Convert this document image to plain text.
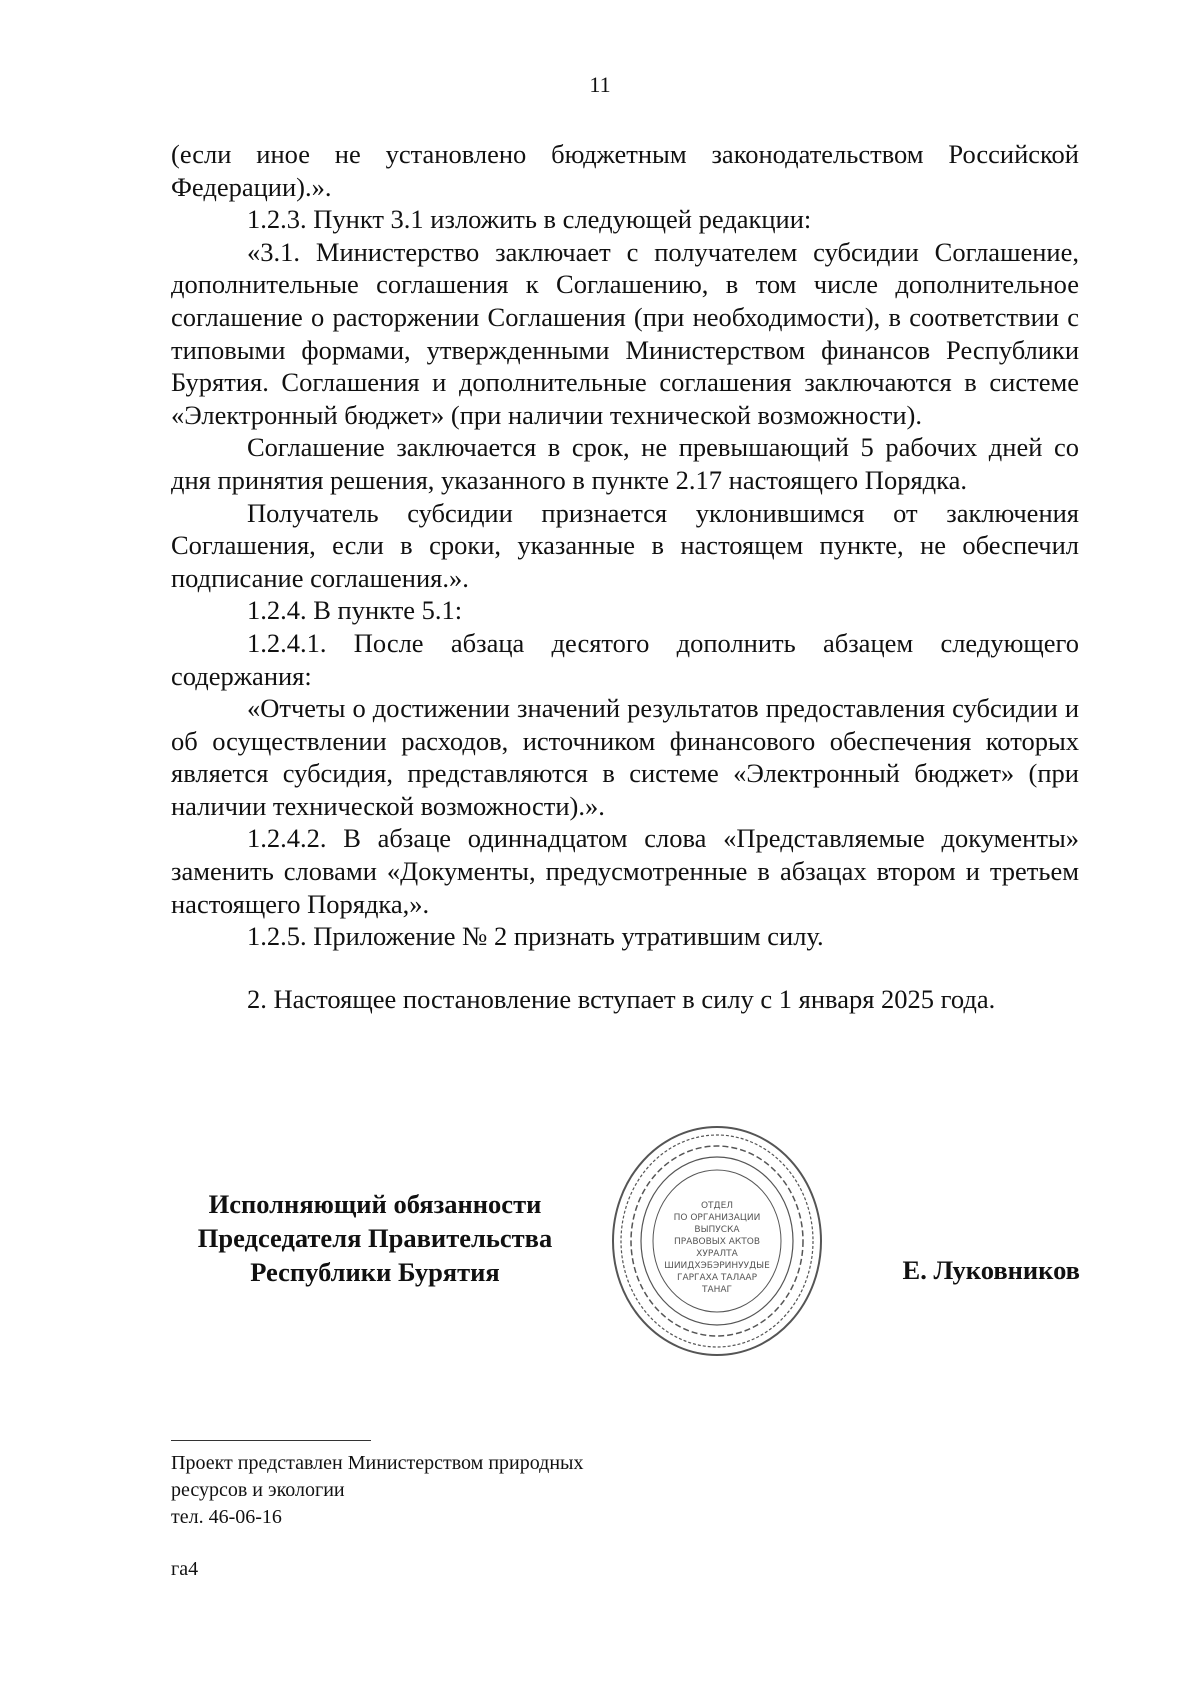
11

(если иное не установлено бюджетным законодательством Российской Федерации).».

1.2.3. Пункт 3.1 изложить в следующей редакции:

«3.1. Министерство заключает с получателем субсидии Соглашение, дополнительные соглашения к Соглашению, в том числе дополнительное соглашение о расторжении Соглашения (при необходимости), в соответствии с типовыми формами, утвержденными Министерством финансов Республики Бурятия. Соглашения и дополнительные соглашения заключаются в системе «Электронный бюджет» (при наличии технической возможности).

Соглашение заключается в срок, не превышающий 5 рабочих дней со дня принятия решения, указанного в пункте 2.17 настоящего Порядка.

Получатель субсидии признается уклонившимся от заключения Соглашения, если в сроки, указанные в настоящем пункте, не обеспечил подписание соглашения.».

1.2.4. В пункте 5.1:

1.2.4.1. После абзаца десятого дополнить абзацем следующего содержания:

«Отчеты о достижении значений результатов предоставления субсидии и об осуществлении расходов, источником финансового обеспечения которых является субсидия, представляются в системе «Электронный бюджет» (при наличии технической возможности).».

1.2.4.2. В абзаце одиннадцатом слова «Представляемые документы» заменить словами «Документы, предусмотренные в абзацах втором и третьем настоящего Порядка,».

1.2.5. Приложение № 2 признать утратившим силу.

2. Настоящее постановление вступает в силу с 1 января 2025 года.

Исполняющий обязанности
Председателя Правительства
Республики Бурятия
ОТДЕЛ
ПО ОРГАНИЗАЦИИ
ВЫПУСКА
ПРАВОВЫХ АКТОВ
ХУРАЛТА
ШИИДХЭБЭРИНУУДЫЕ
ГАРГАХА ТАЛААР
ТАНАГ
Е. Луковников
Проект представлен Министерством природных
ресурсов и экологии
тел. 46-06-16
га4
